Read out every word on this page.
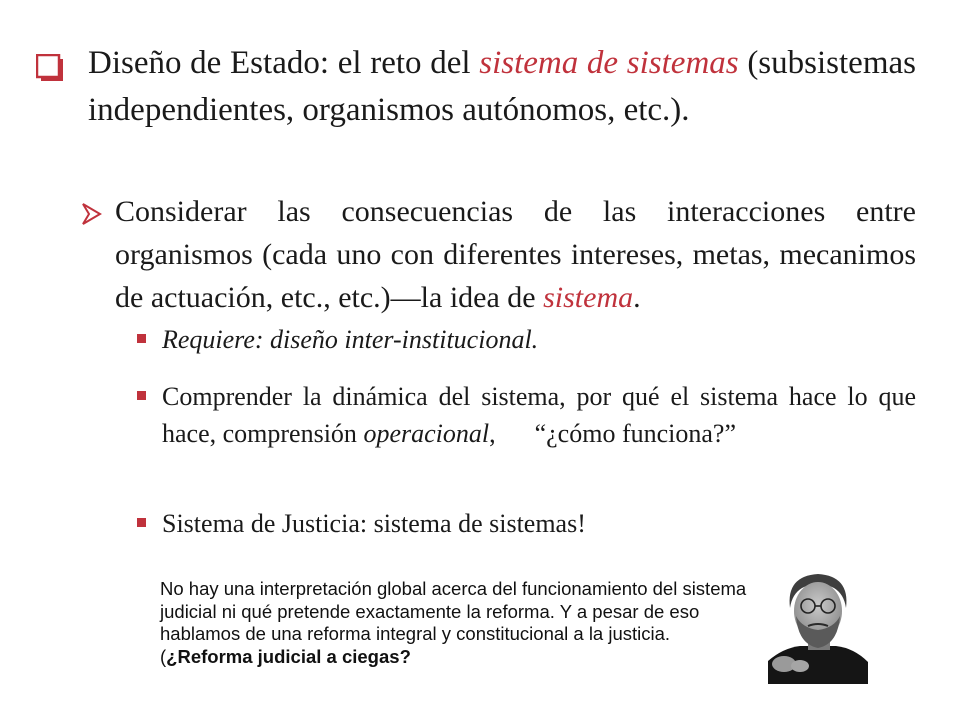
Diseño de Estado: el reto del sistema de sistemas (subsistemas independientes, organismos autónomos, etc.).
Considerar las consecuencias de las interacciones entre organismos (cada uno con diferentes intereses, metas, mecanimos de actuación, etc., etc.)—la idea de sistema.
Requiere: diseño inter-institucional.
Comprender la dinámica del sistema, por qué el sistema hace lo que hace, comprensión operacional,      “¿cómo funciona?”
Sistema de Justicia: sistema de sistemas!
No hay una interpretación global acerca del funcionamiento del sistema judicial ni qué pretende exactamente la reforma. Y a pesar de eso hablamos de una reforma integral y constitucional a la justicia.
(¿Reforma judicial a ciegas?
